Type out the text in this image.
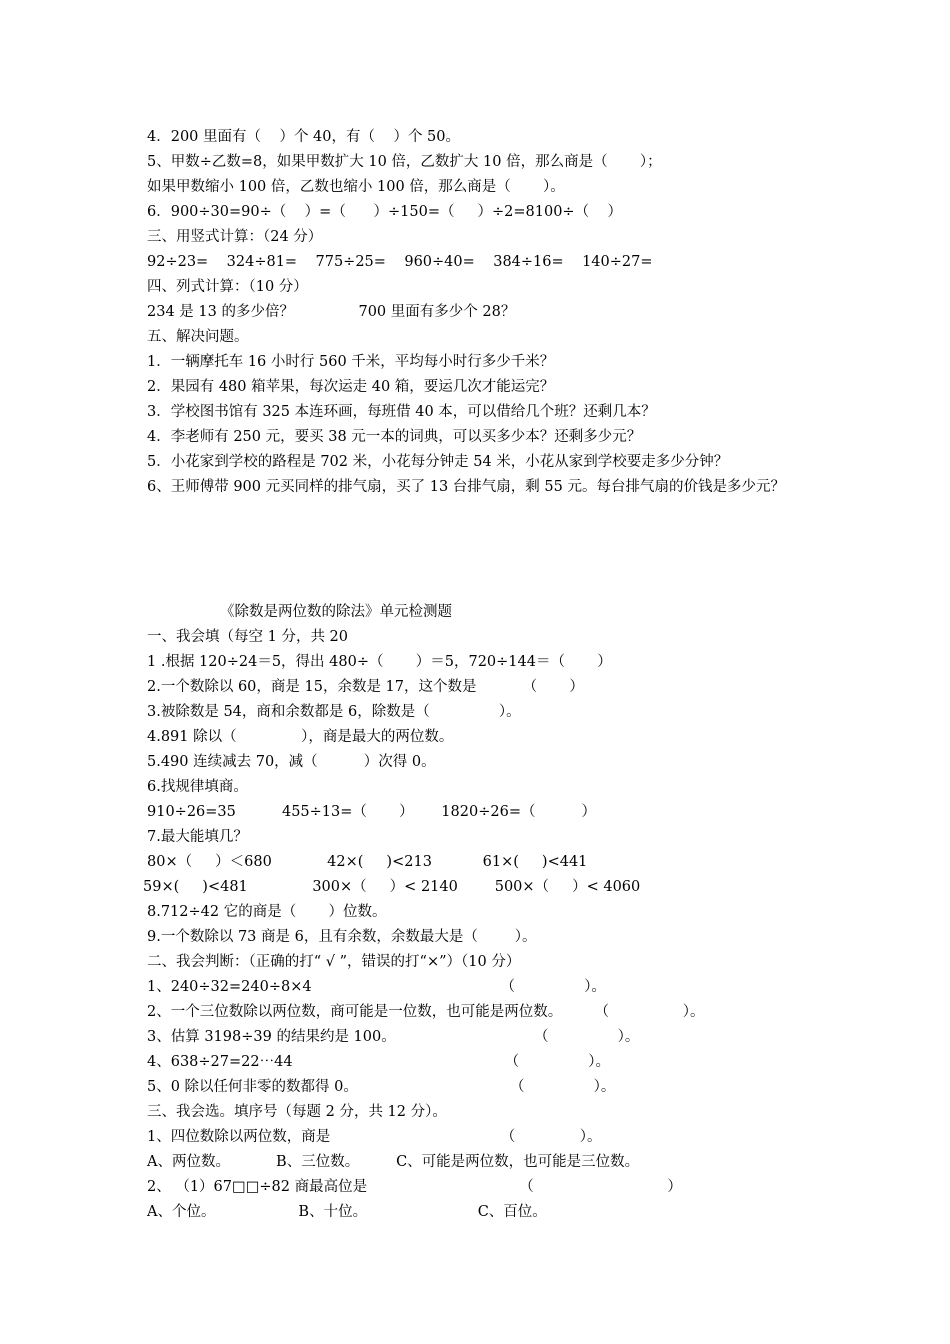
4．200 里面有（    ）个 40，有（    ）个 50。
5、甲数÷乙数=8，如果甲数扩大 10 倍，乙数扩大 10 倍，那么商是（       ）；
如果甲数缩小 100 倍，乙数也缩小 100 倍，那么商是（       ）。
6．900÷30=90÷（    ）=（      ）÷150=（     ）÷2=8100÷（    ）
三、用竖式计算：（24 分）
92÷23=    324÷81=    775÷25=    960÷40=    384÷16=    140÷27=
四、列式计算：（10 分）
234 是 13 的多少倍？              700 里面有多少个 28？
五、解决问题。
1．一辆摩托车 16 小时行 560 千米，平均每小时行多少千米？
2．果园有 480 箱苹果，每次运走 40 箱，要运几次才能运完？
3．学校图书馆有 325 本连环画，每班借 40 本，可以借给几个班？还剩几本？
4．李老师有 250 元，要买 38 元一本的词典，可以买多少本？还剩多少元？
5．小花家到学校的路程是 702 米，小花每分钟走 54 米，小花从家到学校要走多少分钟？
6、王师傅带 900 元买同样的排气扇，买了 13 台排气扇，剩 55 元。每台排气扇的价钱是多少元？
《除数是两位数的除法》单元检测题
一、我会填（每空 1 分，共 20
1 .根据 120÷24＝5，得出 480÷（       ）＝5，720÷144＝（       ）
2.一个数除以 60，商是 15，余数是 17，这个数是          （       ）
3.被除数是 54，商和余数都是 6，除数是（               ）。
4.891 除以（              ），商是最大的两位数。
5.490 连续减去 70，减（          ）次得 0。
6.找规律填商。
910÷26=35          455÷13=（       ）      1820÷26=（          ）
7.最大能填几？
80×（     ）＜680            42×(     )<213           61×(     )<441
59×(     )<481              300×（     ）< 2140        500×（     ）< 4060
8.712÷42 它的商是（       ）位数。
9.一个数除以 73 商是 6，且有余数，余数最大是（        ）。
二、我会判断：（正确的打“ √ ”，错误的打“×”）（10 分）
1、240÷32=240÷8×4                                         （               ）。
2、一个三位数除以两位数，商可能是一位数，也可能是两位数。       （                ）。
3、估算 3198÷39 的结果约是 100。                              （               ）。
4、638÷27=22⋯44                                              （               ）。
5、0 除以任何非零的数都得 0。                                 （               ）。
三、我会选。填序号（每题 2 分，共 12 分）。
1、四位数除以两位数，商是                                     （              ）。
A、两位数。          B、三位数。        C、可能是两位数，也可能是三位数。
2、 （1）67□□÷82 商最高位是                                 （                             ）
A、个位。                  B、十位。                        C、百位。
